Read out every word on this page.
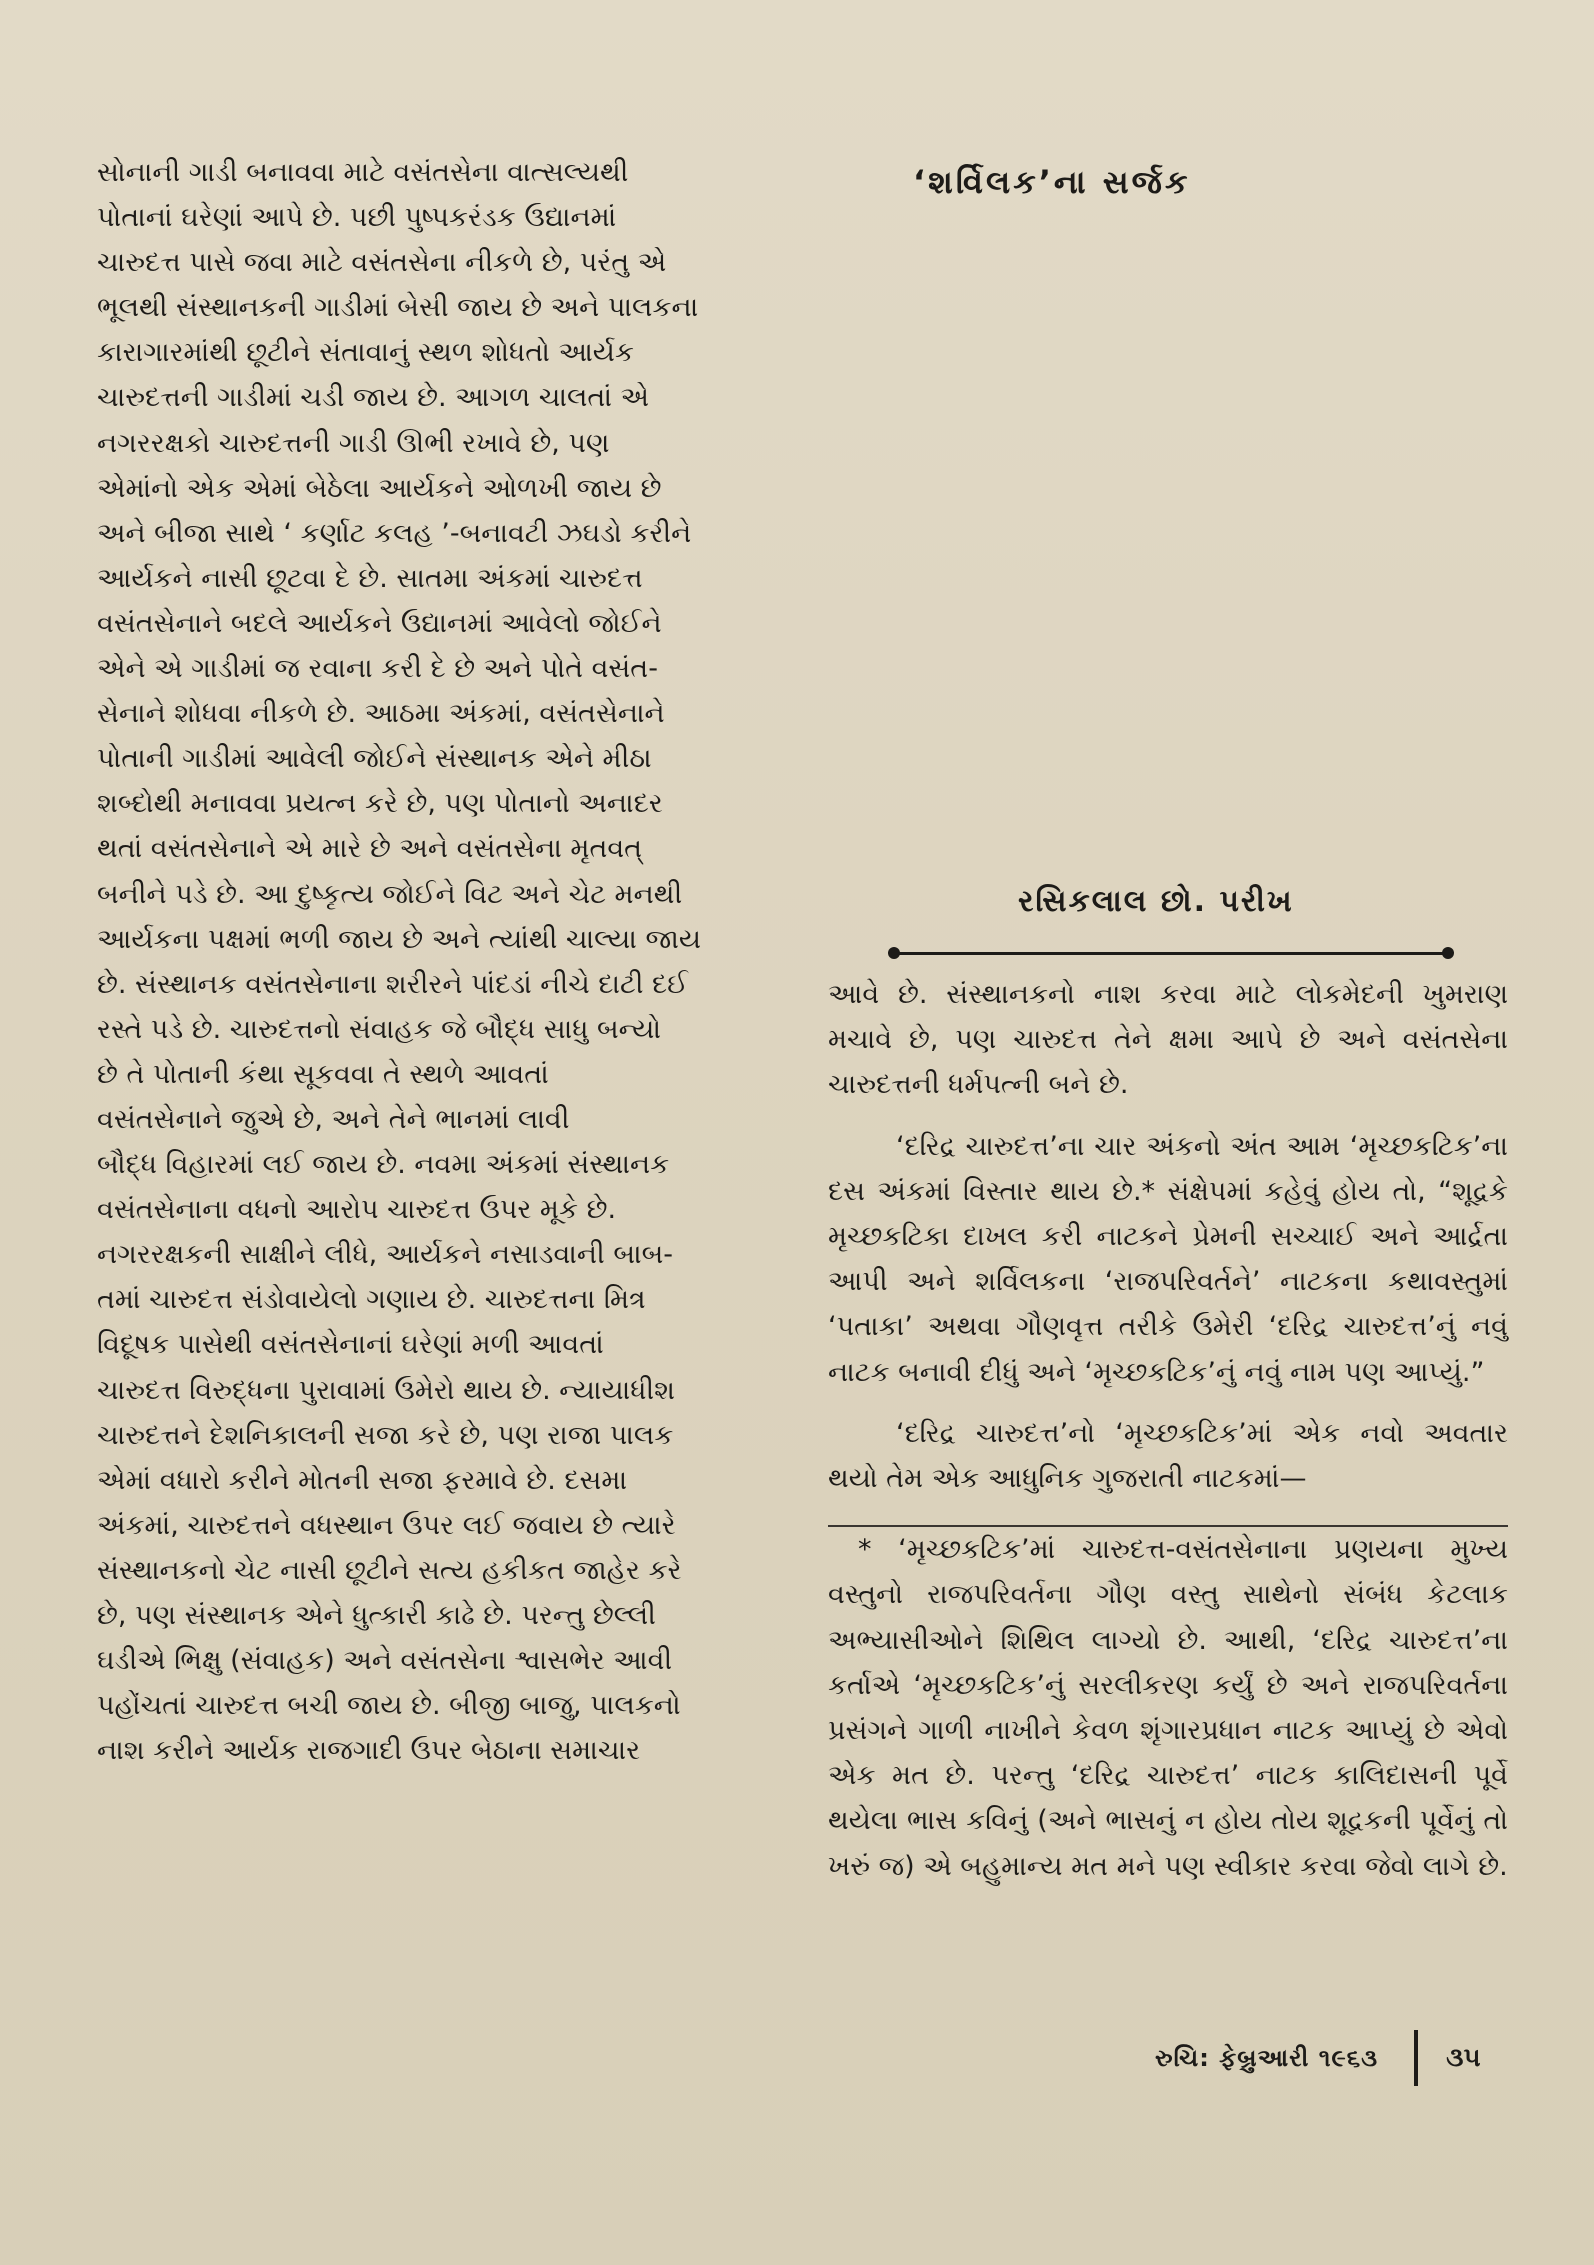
સોનાની ગાડી બનાવવા માટે વસંતસેના વાત્સલ્યથી
પોતાનાં ઘરેણાં આપે છે. પછી પુષ્પકરંડક ઉદ્યાનમાં
ચારુદત્ત પાસે જવા માટે વસંતસેના નીકળે છે, પરંતુ એ
ભૂલથી સંસ્થાનકની ગાડીમાં બેસી જાય છે અને પાલકના
કારાગારમાંથી છૂટીને સંતાવાનું સ્થળ શોધતો આર્યક
ચારુદત્તની ગાડીમાં ચડી જાય છે. આગળ ચાલતાં એ
નગરરક્ષકો ચારુદત્તની ગાડી ઊભી રખાવે છે, પણ
એમાંનો એક એમાં બેઠેલા આર્યકને ઓળખી જાય છે
અને બીજા સાથે ‘ કર્ણાટ કલહ ’-બનાવટી ઝઘડો કરીને
આર્યકને નાસી છૂટવા દે છે. સાતમા અંકમાં ચારુદત્ત
વસંતસેનાને બદલે આર્યકને ઉદ્યાનમાં આવેલો જોઈને
એને એ ગાડીમાં જ રવાના કરી દે છે અને પોતે વસંત-
સેનાને શોધવા નીકળે છે. આઠમા અંકમાં, વસંતસેનાને
પોતાની ગાડીમાં આવેલી જોઈને સંસ્થાનક એને મીઠા
શબ્દોથી મનાવવા પ્રયત્ન કરે છે, પણ પોતાનો અનાદર
થતાં વસંતસેનાને એ મારે છે અને વસંતસેના મૃતવત્
બનીને પડે છે. આ દુષ્કૃત્ય જોઈને વિટ અને ચેટ મનથી
આર્યકના પક્ષમાં ભળી જાય છે અને ત્યાંથી ચાલ્યા જાય
છે. સંસ્થાનક વસંતસેનાના શરીરને પાંદડાં નીચે દાટી દઈ
રસ્તે પડે છે. ચારુદત્તનો સંવાહક જે બૌદ્ધ સાધુ બન્યો
છે તે પોતાની કંથા સૂકવવા તે સ્થળે આવતાં
વસંતસેનાને જુએ છે, અને તેને ભાનમાં લાવી
બૌદ્ધ વિહારમાં લઈ જાય છે. નવમા અંકમાં સંસ્થાનક
વસંતસેનાના વધનો આરોપ ચારુદત્ત ઉપર મૂકે છે.
નગરરક્ષકની સાક્ષીને લીધે, આર્યકને નસાડવાની બાબ-
તમાં ચારુદત્ત સંડોવાયેલો ગણાય છે. ચારુદત્તના મિત્ર
વિદૂષક પાસેથી વસંતસેનાનાં ઘરેણાં મળી આવતાં
ચારુદત્ત વિરુદ્ધના પુરાવામાં ઉમેરો થાય છે. ન્યાયાધીશ
ચારુદત્તને દેશનિકાલની સજા કરે છે, પણ રાજા પાલક
એમાં વધારો કરીને મોતની સજા ફરમાવે છે. દસમા
અંકમાં, ચારુદત્તને વધસ્થાન ઉપર લઈ જવાય છે ત્યારે
સંસ્થાનકનો ચેટ નાસી છૂટીને સત્ય હકીકત જાહેર કરે
છે, પણ સંસ્થાનક એને ધુત્કારી કાઢે છે. પરન્તુ છેલ્લી
ઘડીએ ભિક્ષુ (સંવાહક) અને વસંતસેના શ્વાસભેર આવી
પહોંચતાં ચારુદત્ત બચી જાય છે. બીજી બાજુ, પાલકનો
નાશ કરીને આર્યક રાજગાદી ઉપર બેઠાના સમાચાર

‘શર્વિલક’ના સર્જક
રસિકલાલ છો. પરીખ

આવે છે. સંસ્થાનકનો નાશ કરવા માટે લોકમેદની ખુમરાણ મચાવે છે, પણ ચારુદત્ત તેને ક્ષમા આપે છે અને વસંતસેના ચારુદત્તની ધર્મપત્ની બને છે.

‘દરિદ્ર ચારુદત્ત’ના ચાર અંકનો અંત આમ ‘મૃચ્છકટિક’ના દસ અંકમાં વિસ્તાર થાય છે.* સંક્ષેપમાં કહેવું હોય તો, “શૂદ્રકે મૃચ્છકટિકા દાખલ કરી નાટકને પ્રેમની સચ્ચાઈ અને આર્દ્રતા આપી અને શર્વિલકના ‘રાજપરિવર્તને’ નાટકના કથાવસ્તુમાં ‘પતાકા’ અથવા ગૌણવૃત્ત તરીકે ઉમેરી ‘દરિદ્ર ચારુદત્ત’નું નવું નાટક બનાવી દીધું અને ‘મૃચ્છકટિક’નું નવું નામ પણ આપ્યું.”

‘દરિદ્ર ચારુદત્ત’નો ‘મૃચ્છકટિક’માં એક નવો અવતાર થયો તેમ એક આધુનિક ગુજરાતી નાટકમાં—

* ‘મૃચ્છકટિક’માં ચારુદત્ત-વસંતસેનાના પ્રણયના મુખ્ય વસ્તુનો રાજપરિવર્તના ગૌણ વસ્તુ સાથેનો સંબંધ કેટલાક અભ્યાસીઓને શિથિલ લાગ્યો છે. આથી, ‘દરિદ્ર ચારુદત્ત’ના કર્તાએ ‘મૃચ્છકટિક’નું સરલીકરણ કર્યું છે અને રાજપરિવર્તના પ્રસંગને ગાળી નાખીને કેવળ શૃંગારપ્રધાન નાટક આપ્યું છે એવો એક મત છે. પરન્તુ ‘દરિદ્ર ચારુદત્ત’ નાટક કાલિદાસની પૂર્વે થયેલા ભાસ કવિનું (અને ભાસનું ન હોય તોય શૂદ્રકની પૂર્વેનું તો ખરું જ) એ બહુમાન્ય મત મને પણ સ્વીકાર કરવા જેવો લાગે છે.

રુચિ: ફેબ્રુઆરી ૧૯૬૩	૩૫
